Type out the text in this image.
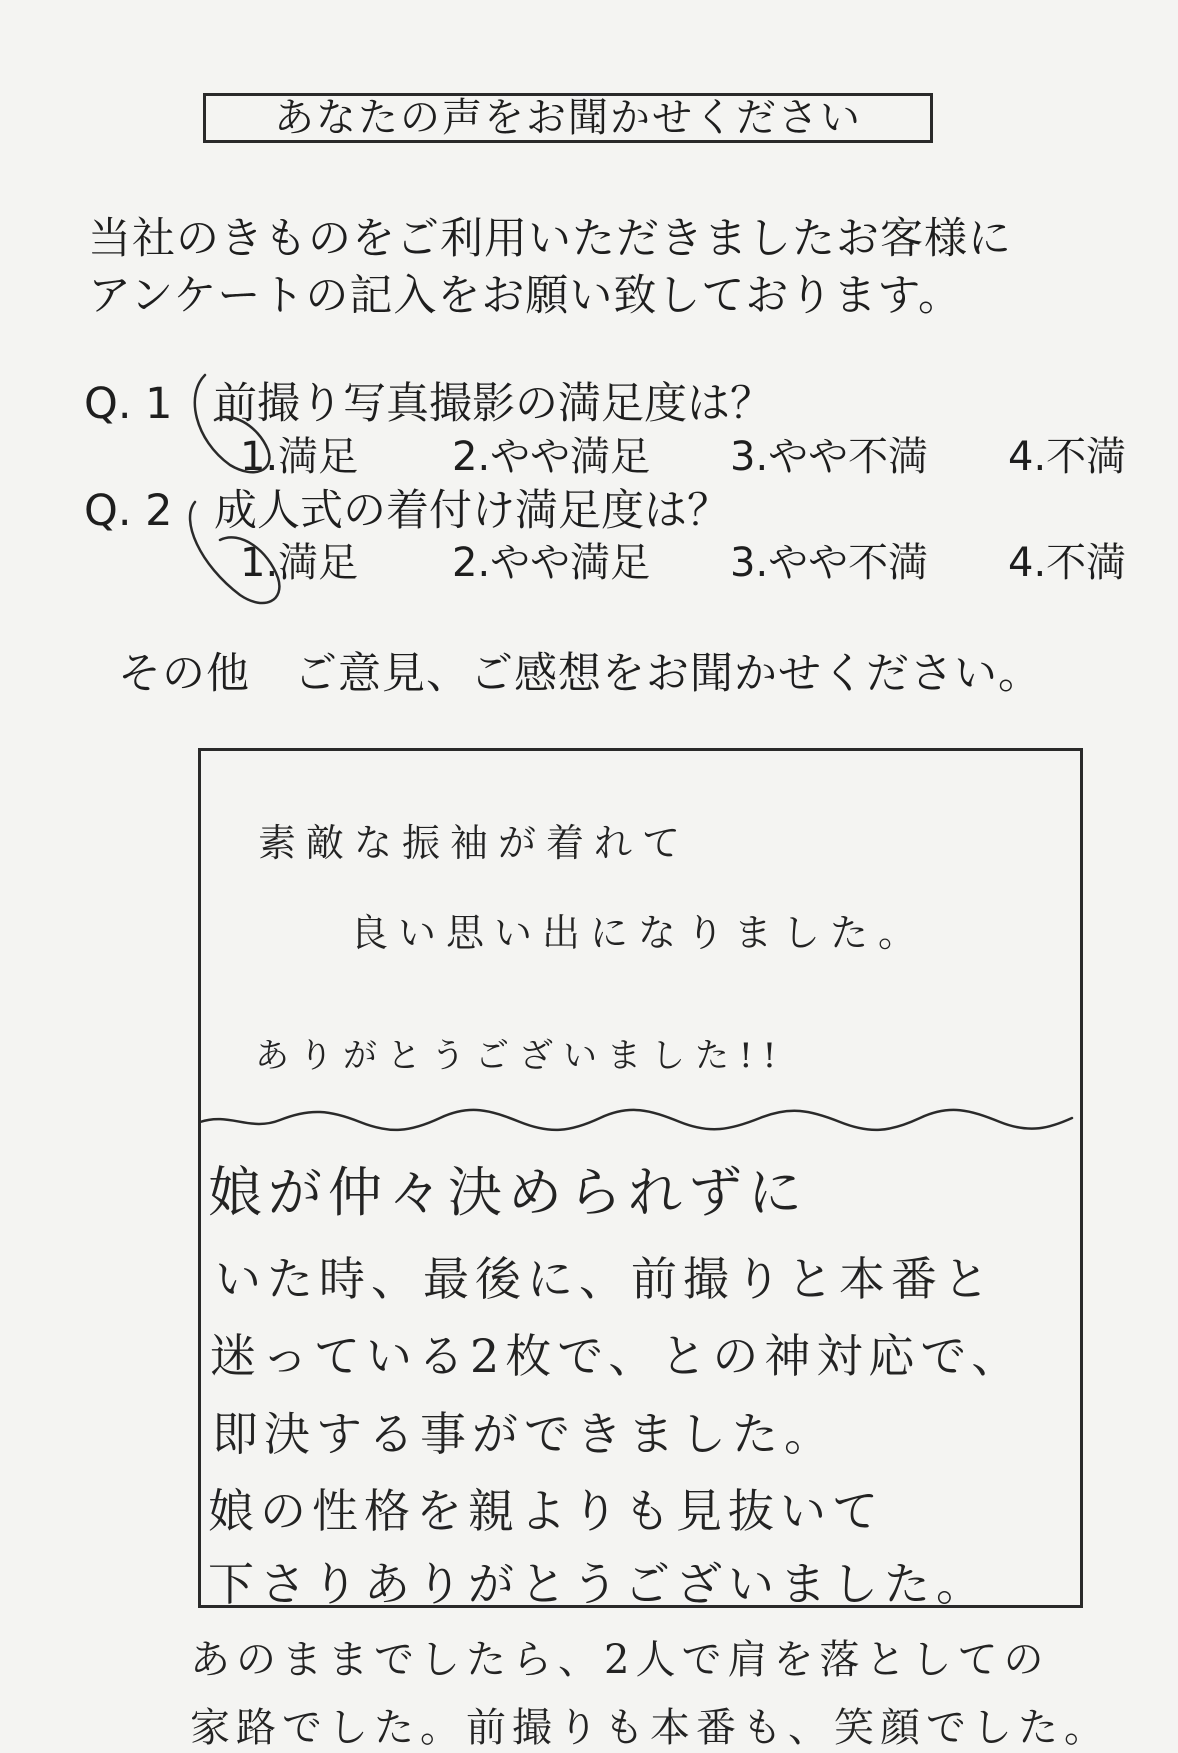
あなたの声をお聞かせください
当社のきものをご利用いただきましたお客様に
アンケートの記入をお願い致しております。
Q. 1 前撮り写真撮影の満足度は？
1.満足 2.やや満足 3.やや不満 4.不満
Q. 2 成人式の着付け満足度は？
1.満足 2.やや満足 3.やや不満 4.不満
その他　ご意見、ご感想をお聞かせください。
素敵な振袖が着れて
良い思い出になりました。
ありがとうございました!!
娘が仲々決められずに
いた時、最後に、前撮りと本番と
迷っている2枚で、との神対応で、
即決する事ができました。
娘の性格を親よりも見抜いて
下さりありがとうございました。
あのままでしたら、2人で肩を落としての
家路でした。前撮りも本番も、笑顔でした。
